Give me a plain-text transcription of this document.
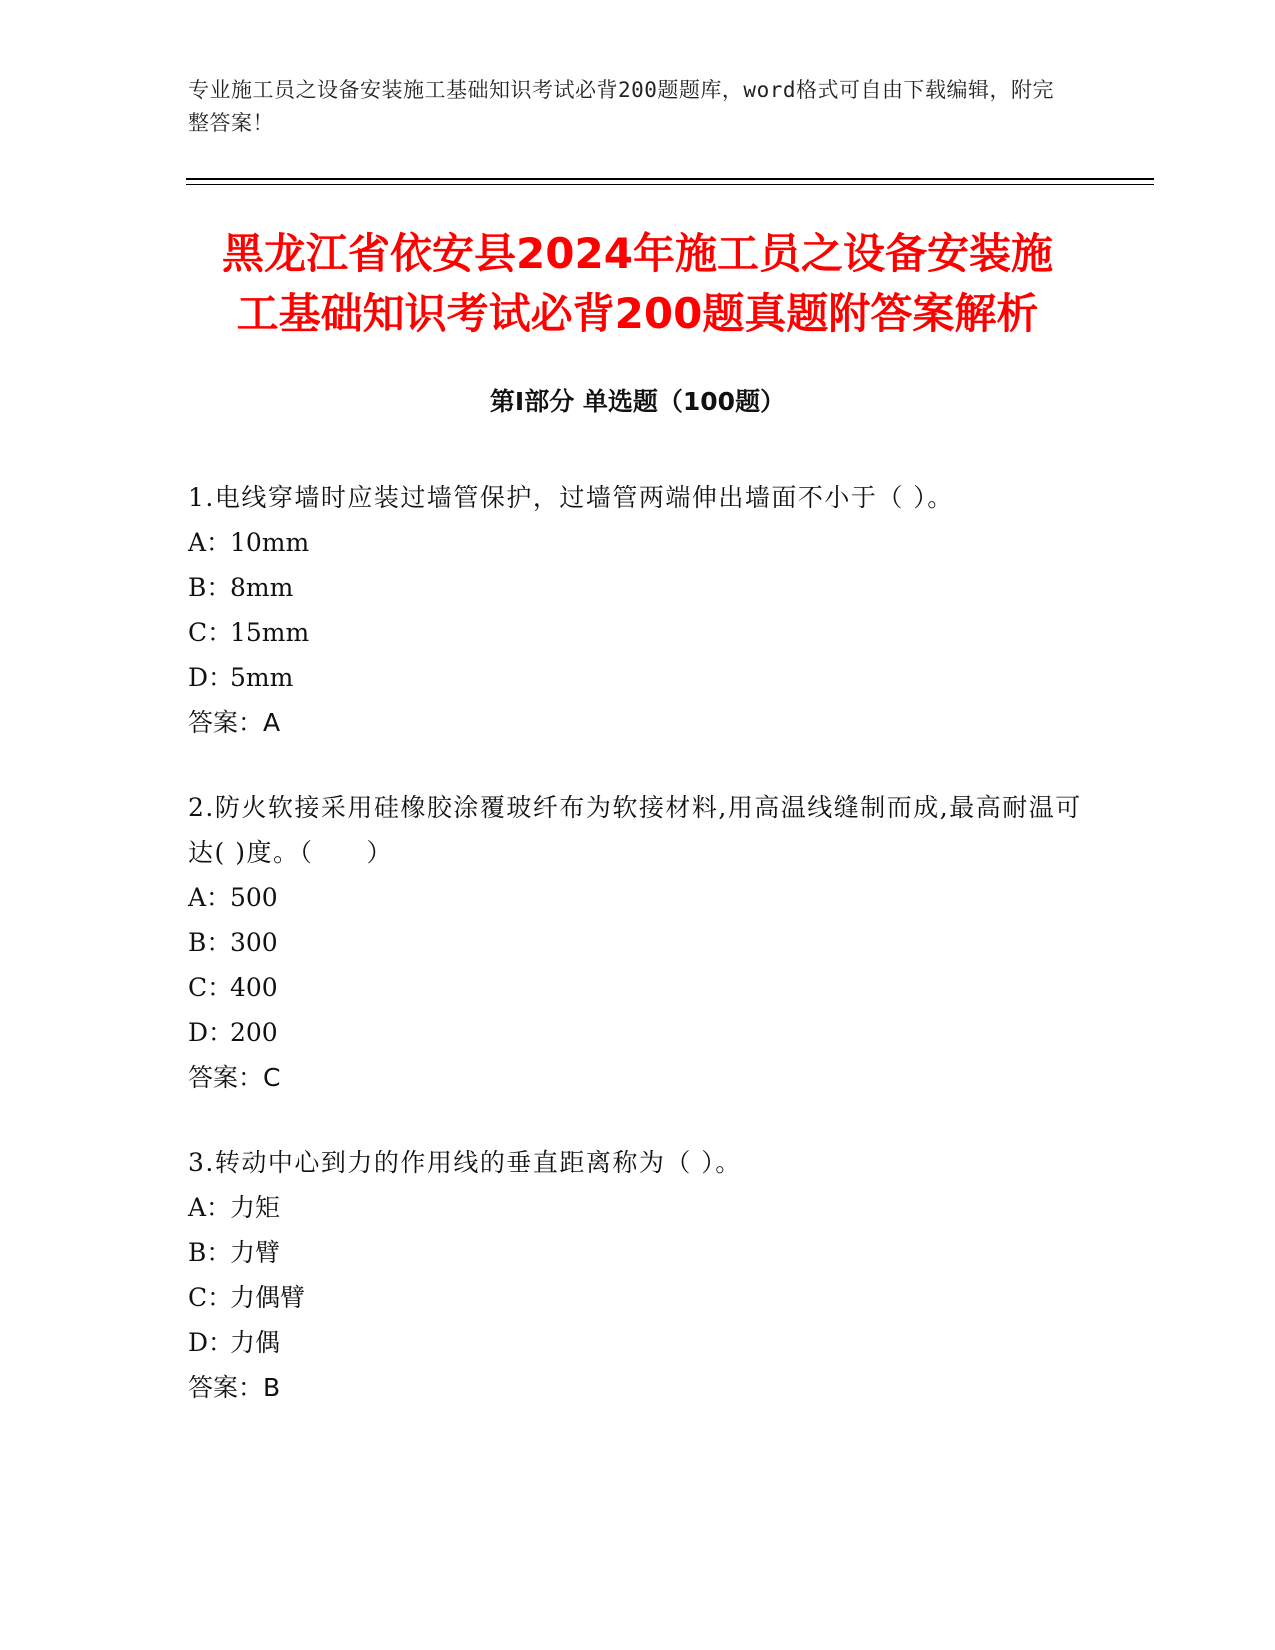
专业施工员之设备安装施工基础知识考试必背200题题库，word格式可自由下载编辑，附完整答案！
黑龙江省依安县2024年施工员之设备安装施
工基础知识考试必背200题真题附答案解析
第Ⅰ部分 单选题（100题）

1.电线穿墙时应装过墙管保护，过墙管两端伸出墙面不小于（ ）。

A：10mm

B：8mm

C：15mm

D：5mm

答案：A

2.防火软接采用硅橡胶涂覆玻纤布为软接材料,用高温线缝制而成,最高耐温可达( )度。（　　）

A：500

B：300

C：400

D：200

答案：C

3.转动中心到力的作用线的垂直距离称为（ ）。

A：力矩

B：力臂

C：力偶臂

D：力偶

答案：B
